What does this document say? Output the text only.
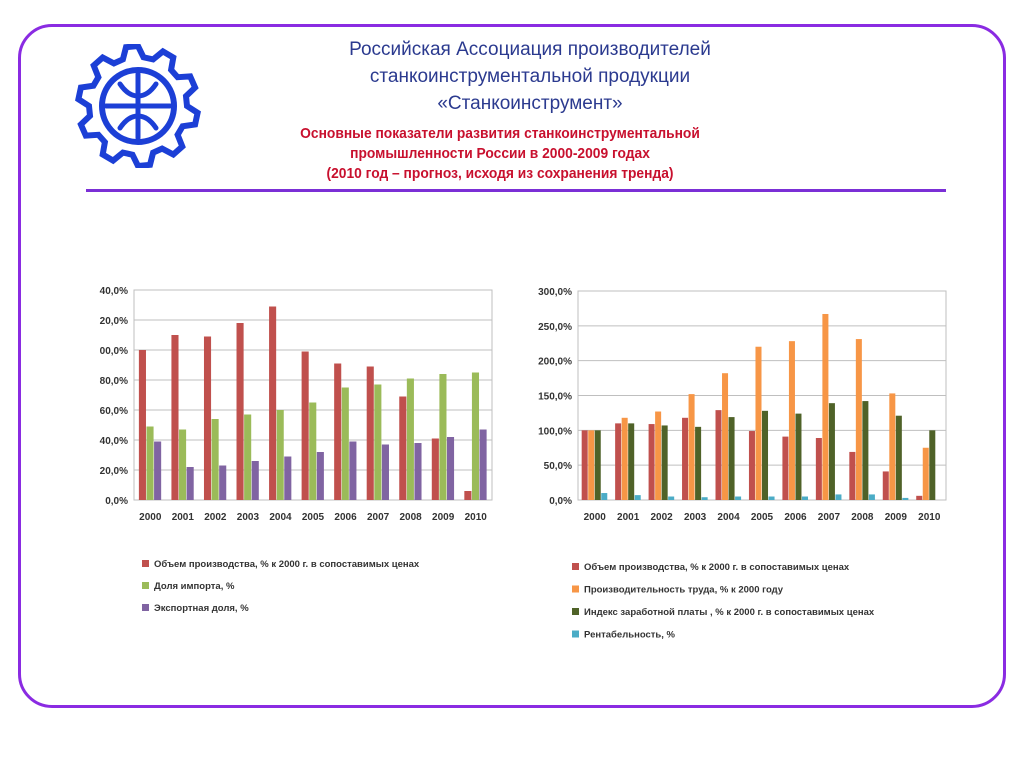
Российская Ассоциация производителей
станкоинструментальной продукции
«Станкоинструмент»
Основные показатели развития станкоинструментальной
промышленности России в 2000-2009 годах
(2010 год – прогноз, исходя из сохранения тренда)
0,0%
20,0%
40,0%
60,0%
80,0%
00,0%
20,0%
40,0%
2000 2001 2002 2003 2004 2005 2006 2007 2008 2009 2010
Объем производства, % к 2000 г. в сопоставимых ценах
Доля импорта, %
Экспортная доля, %
0,0%
50,0%
100,0%
150,0%
200,0%
250,0%
300,0%
2000 2001 2002 2003 2004 2005 2006 2007 2008 2009 2010
Объем производства, % к 2000 г. в сопоставимых ценах
Производительность труда, % к 2000 году
Индекс заработной платы , % к 2000 г. в сопоставимых ценах
Рентабельность, %
